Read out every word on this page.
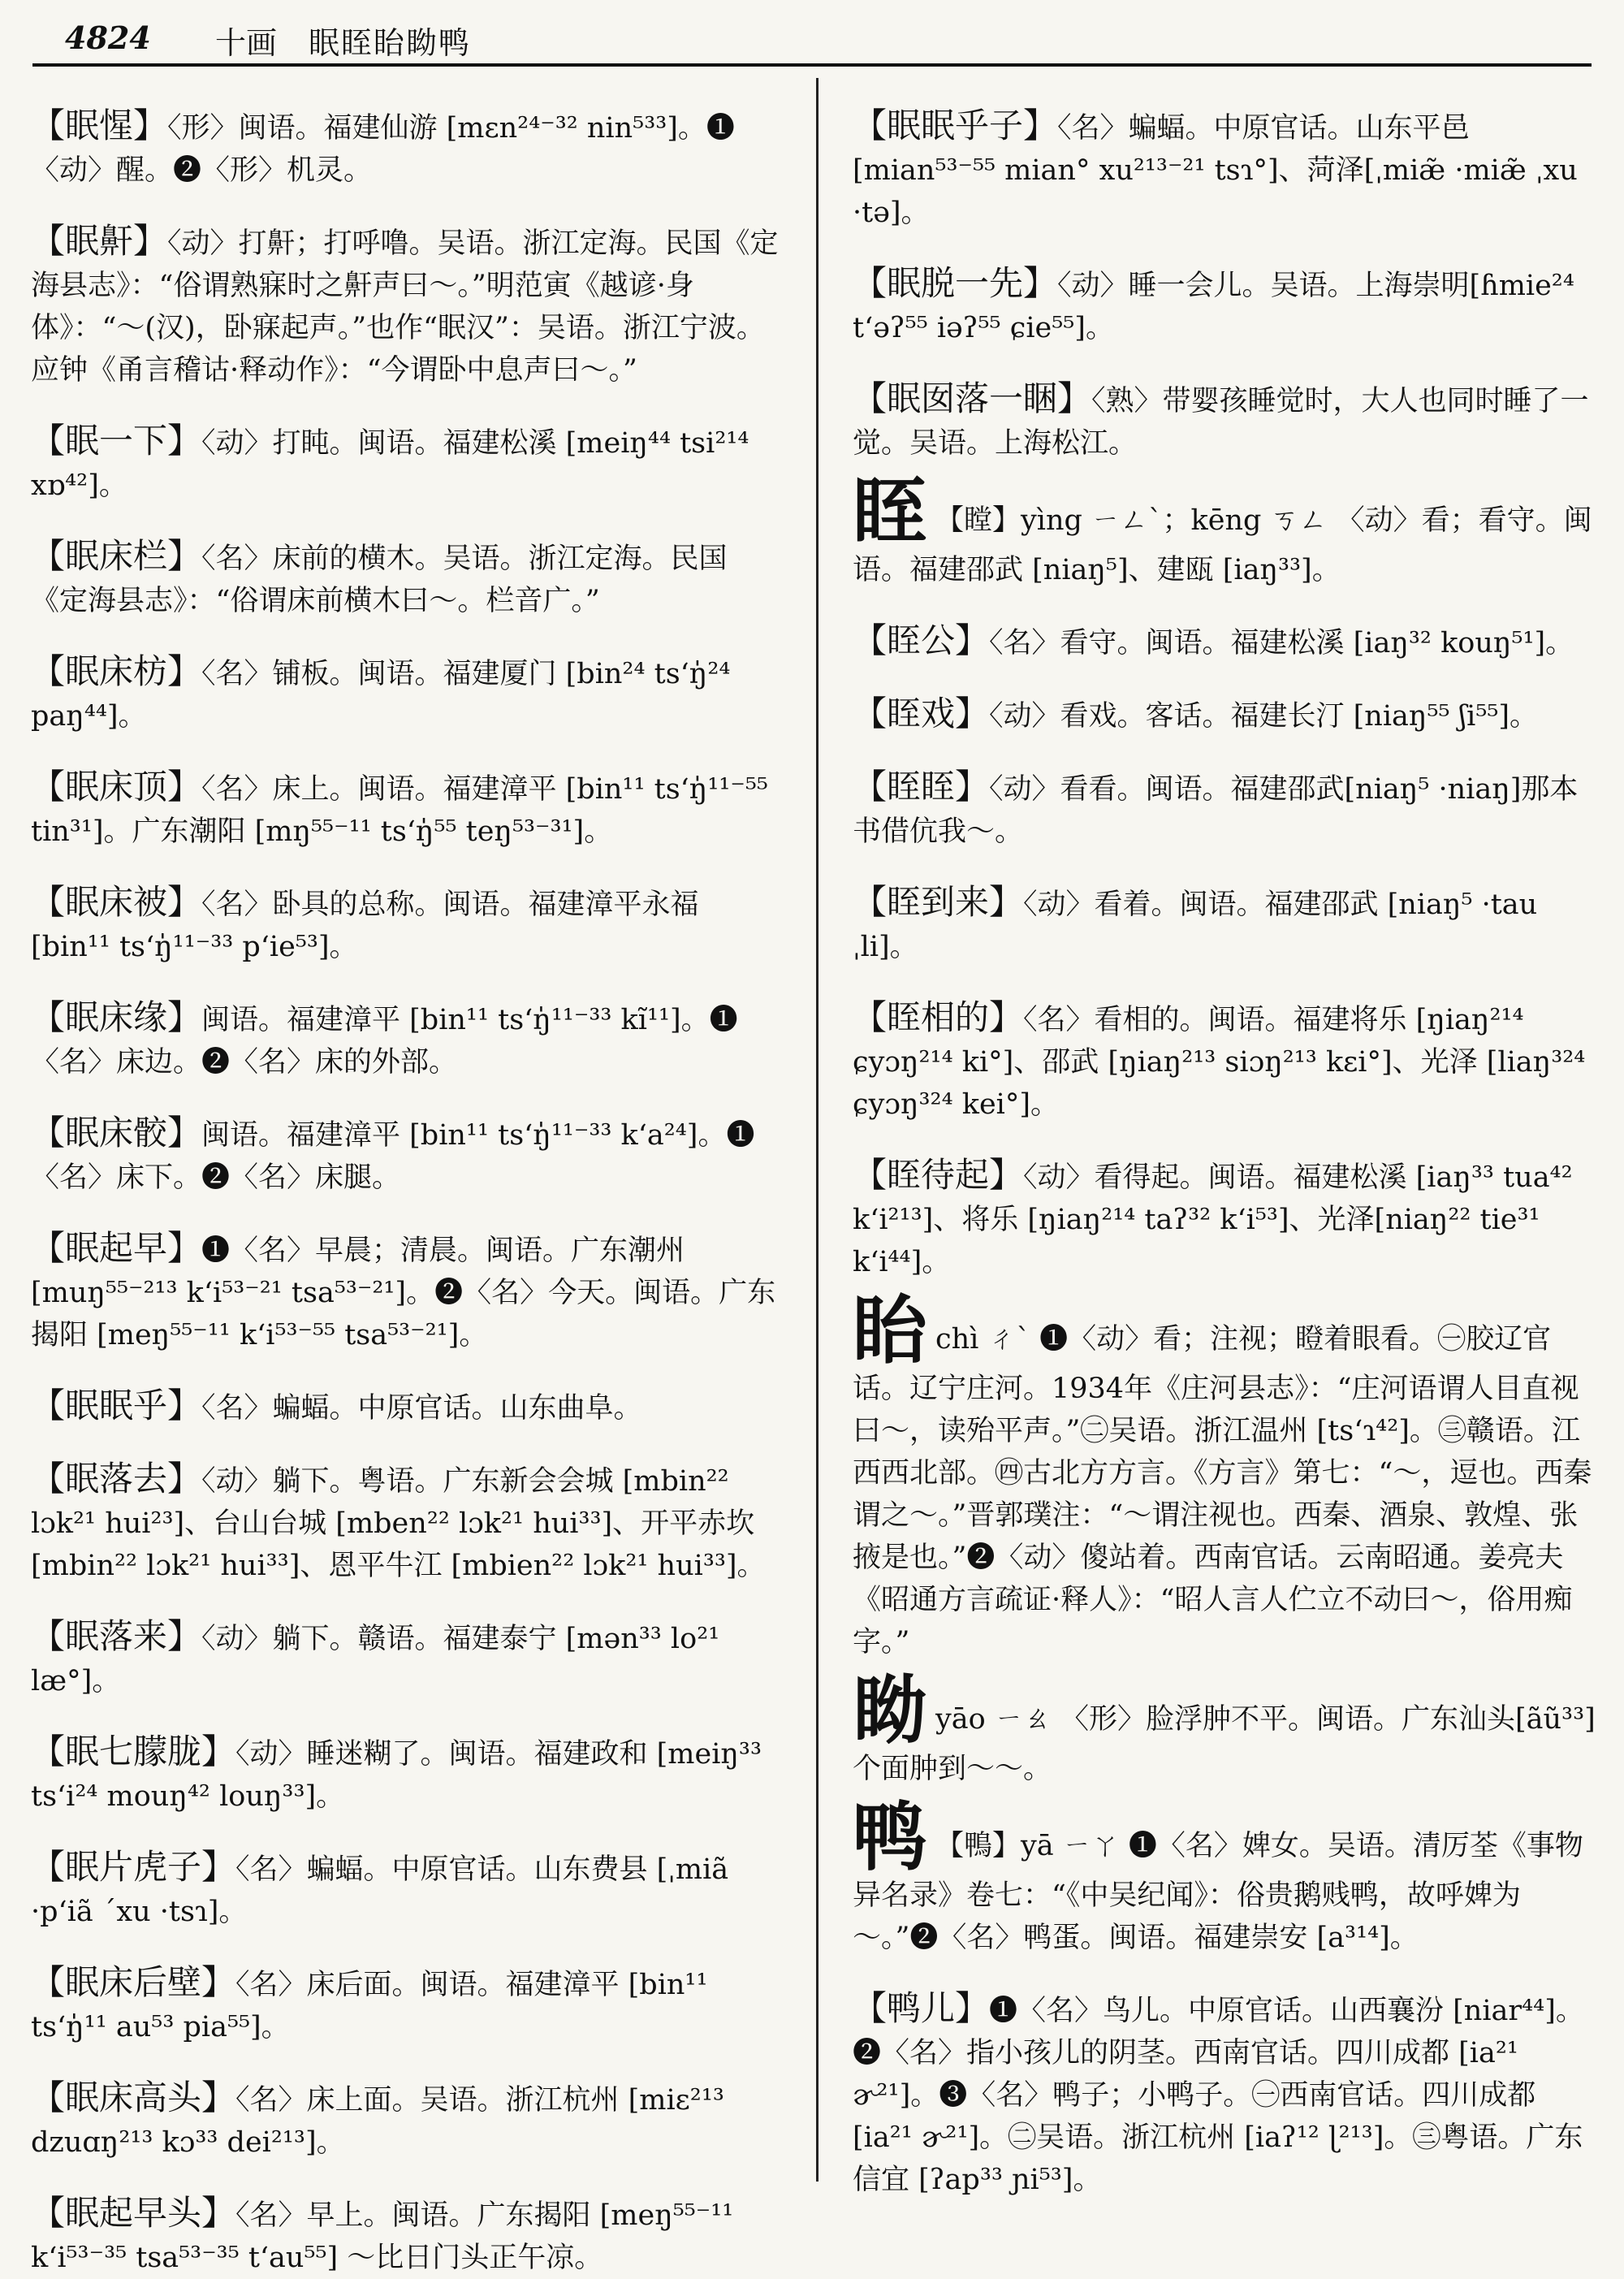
4824 十画 眠眰眙眑鸭

【眠惺】〈形〉闽语。福建仙游 [mɛn²⁴⁻³² nin⁵³³]。❶〈动〉醒。❷〈形〉机灵。

【眠鼾】〈动〉打鼾；打呼噜。吴语。浙江定海。民国《定海县志》：“俗谓熟寐时之鼾声曰～。”明范寅《越谚·身体》：“～(汉)，卧寐起声。”也作“眠汉”：吴语。浙江宁波。应钟《甬言稽诂·释动作》：“今谓卧中息声曰～。”

【眠一下】〈动〉打盹。闽语。福建松溪 [meiŋ⁴⁴ tsi²¹⁴ xɒ⁴²]。

【眠床栏】〈名〉床前的横木。吴语。浙江定海。民国《定海县志》：“俗谓床前横木曰～。栏音广。”

【眠床枋】〈名〉铺板。闽语。福建厦门 [bin²⁴ ts‘ŋ̍²⁴ paŋ⁴⁴]。

【眠床顶】〈名〉床上。闽语。福建漳平 [bin¹¹ ts‘ŋ̍¹¹⁻⁵⁵ tin³¹]。广东潮阳 [mŋ⁵⁵⁻¹¹ ts‘ŋ̍⁵⁵ teŋ⁵³⁻³¹]。

【眠床被】〈名〉卧具的总称。闽语。福建漳平永福 [bin¹¹ ts‘ŋ̍¹¹⁻³³ p‘ie⁵³]。

【眠床缘】闽语。福建漳平 [bin¹¹ ts‘ŋ̍¹¹⁻³³ kĩ¹¹]。❶〈名〉床边。❷〈名〉床的外部。

【眠床骹】闽语。福建漳平 [bin¹¹ ts‘ŋ̍¹¹⁻³³ k‘a²⁴]。❶〈名〉床下。❷〈名〉床腿。

【眠起早】❶〈名〉早晨；清晨。闽语。广东潮州 [muŋ⁵⁵⁻²¹³ k‘i⁵³⁻²¹ tsa⁵³⁻²¹]。❷〈名〉今天。闽语。广东揭阳 [meŋ⁵⁵⁻¹¹ k‘i⁵³⁻⁵⁵ tsa⁵³⁻²¹]。

【眠眠乎】〈名〉蝙蝠。中原官话。山东曲阜。

【眠落去】〈动〉躺下。粤语。广东新会会城 [mbin²² lɔk²¹ hui²³]、台山台城 [mben²² lɔk²¹ hui³³]、开平赤坎[mbin²² lɔk²¹ hui³³]、恩平牛江 [mbien²² lɔk²¹ hui³³]。

【眠落来】〈动〉躺下。赣语。福建泰宁 [mən³³ lo²¹ læ°]。

【眠七朦胧】〈动〉睡迷糊了。闽语。福建政和 [meiŋ³³ ts‘i²⁴ mouŋ⁴² louŋ³³]。

【眠片虎子】〈名〉蝙蝠。中原官话。山东费县 [ˌmiã ·p‘iã ˊxu ·tsɿ]。

【眠床后壁】〈名〉床后面。闽语。福建漳平 [bin¹¹ ts‘ŋ̍¹¹ au⁵³ pia⁵⁵]。

【眠床高头】〈名〉床上面。吴语。浙江杭州 [miɛ²¹³ dzuɑŋ²¹³ kɔ³³ dei²¹³]。

【眠起早头】〈名〉早上。闽语。广东揭阳 [meŋ⁵⁵⁻¹¹ k‘i⁵³⁻³⁵ tsa⁵³⁻³⁵ t‘au⁵⁵] ～比日门头正午凉。

【眠眠乎子】〈名〉蝙蝠。中原官话。山东平邑 [mian⁵³⁻⁵⁵ mian° xu²¹³⁻²¹ tsɿ°]、菏泽[ˌmiæ̃ ·miæ̃ ˌxu ·tə]。

【眠脱一先】〈动〉睡一会儿。吴语。上海崇明[ɦmie²⁴ t‘əʔ⁵⁵ iəʔ⁵⁵ ɕie⁵⁵]。

【眠囡落一睏】〈熟〉带婴孩睡觉时，大人也同时睡了一觉。吴语。上海松江。

眰 【瞠】yìng ㄧㄥˋ；kēng ㄎㄥ 〈动〉看；看守。闽语。福建邵武 [niaŋ⁵]、建瓯 [iaŋ³³]。

【眰公】〈名〉看守。闽语。福建松溪 [iaŋ³² kouŋ⁵¹]。

【眰戏】〈动〉看戏。客话。福建长汀 [niaŋ⁵⁵ ʃi⁵⁵]。

【眰眰】〈动〉看看。闽语。福建邵武[niaŋ⁵ ·niaŋ]那本书借伉我～。

【眰到来】〈动〉看着。闽语。福建邵武 [niaŋ⁵ ·tau ˌli]。

【眰相的】〈名〉看相的。闽语。福建将乐 [ŋiaŋ²¹⁴ ɕyɔŋ²¹⁴ ki°]、邵武 [ŋiaŋ²¹³ siɔŋ²¹³ kɛi°]、光泽 [liaŋ³²⁴ ɕyɔŋ³²⁴ kei°]。

【眰待起】〈动〉看得起。闽语。福建松溪 [iaŋ³³ tua⁴² k‘i²¹³]、将乐 [ŋiaŋ²¹⁴ taʔ³² k‘i⁵³]、光泽[niaŋ²² tie³¹ k‘i⁴⁴]。

眙chì ㄔˋ ❶〈动〉看；注视；瞪着眼看。㊀胶辽官话。辽宁庄河。1934年《庄河县志》：“庄河语谓人目直视曰～，读殆平声。”㊁吴语。浙江温州 [ts‘ɿ⁴²]。㊂赣语。江西西北部。㊃古北方方言。《方言》第七：“～，逗也。西秦谓之～。”晋郭璞注：“～谓注视也。西秦、酒泉、敦煌、张掖是也。”❷〈动〉傻站着。西南官话。云南昭通。姜亮夫《昭通方言疏证·释人》：“昭人言人伫立不动曰～，俗用痴字。”

眑yāo ㄧㄠ 〈形〉脸浮肿不平。闽语。广东汕头[ãũ³³]个面肿到～～。

鸭 【鴨】yā ㄧㄚ ❶〈名〉婢女。吴语。清厉荃《事物异名录》卷七：“《中吴纪闻》：俗贵鹅贱鸭，故呼婢为～。”❷〈名〉鸭蛋。闽语。福建崇安 [a³¹⁴]。

【鸭儿】❶〈名〉鸟儿。中原官话。山西襄汾 [niar⁴⁴]。❷〈名〉指小孩儿的阴茎。西南官话。四川成都 [ia²¹ ɚ²¹]。❸〈名〉鸭子；小鸭子。㊀西南官话。四川成都 [ia²¹ ɚ²¹]。㊁吴语。浙江杭州 [iaʔ¹² ɭ²¹³]。㊂粤语。广东信宜 [ʔap³³ ɲi⁵³]。
